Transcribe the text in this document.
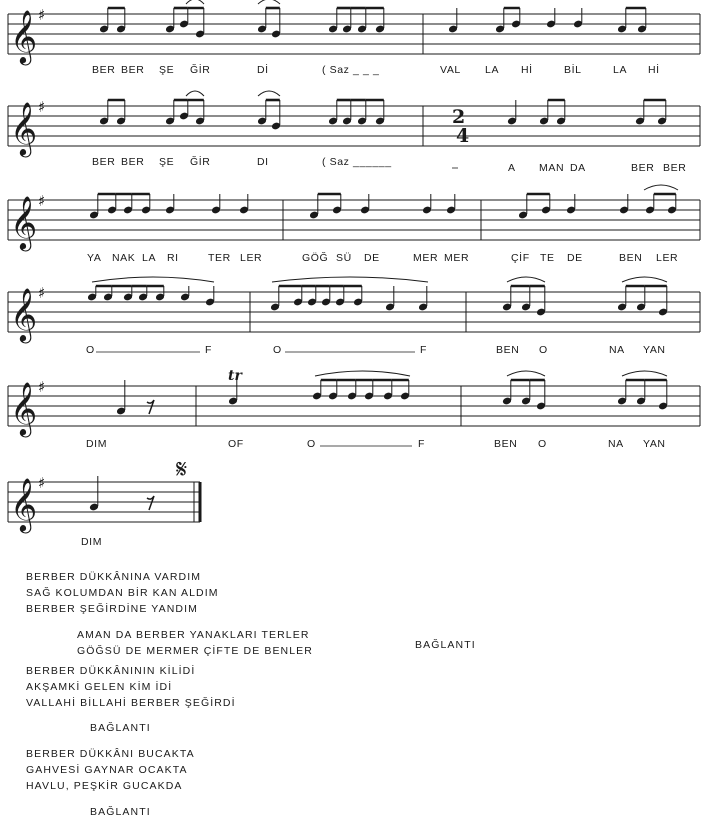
𝄞 ♯
𝄞 ♯	2
4
𝄞 ♯
𝄞 ♯
𝄞 ♯
𝄞 ♯
tr
𝄋
BER BER ŞE ĞİR	Dİ	( Saz _ _ _	VAL LA Hİ	BİL	LA Hİ
BER BER ŞE ĞİR	DI	( Saz ______	A MAN DA	BER BER
YA NAK LA RI	TER LER	GÖĞ SÜ DE	MER MER	ÇİF TE DE	BEN LER
O	F	O	F	BEN O	NA YAN
DIM	OF	O	F	BEN O	NA YAN
DIM
BERBER DÜKKÂNINA VARDIM
SAĞ KOLUMDAN BİR KAN ALDIM
BERBER ŞEĞİRDİNE YANDIM
AMAN DA BERBER YANAKLARI TERLER
GÖĞSÜ DE MERMER ÇİFTE DE BENLER	BAĞLANTI
BERBER DÜKKÂNININ KİLİDİ
AKŞAMKİ GELEN KİM İDİ
VALLAHİ BİLLAHİ BERBER ŞEĞİRDİ
BAĞLANTI
BERBER DÜKKÂNI BUCAKTA
GAHVESİ GAYNAR OCAKTA
HAVLU, PEŞKİR GUCAKDA
BAĞLANTI
